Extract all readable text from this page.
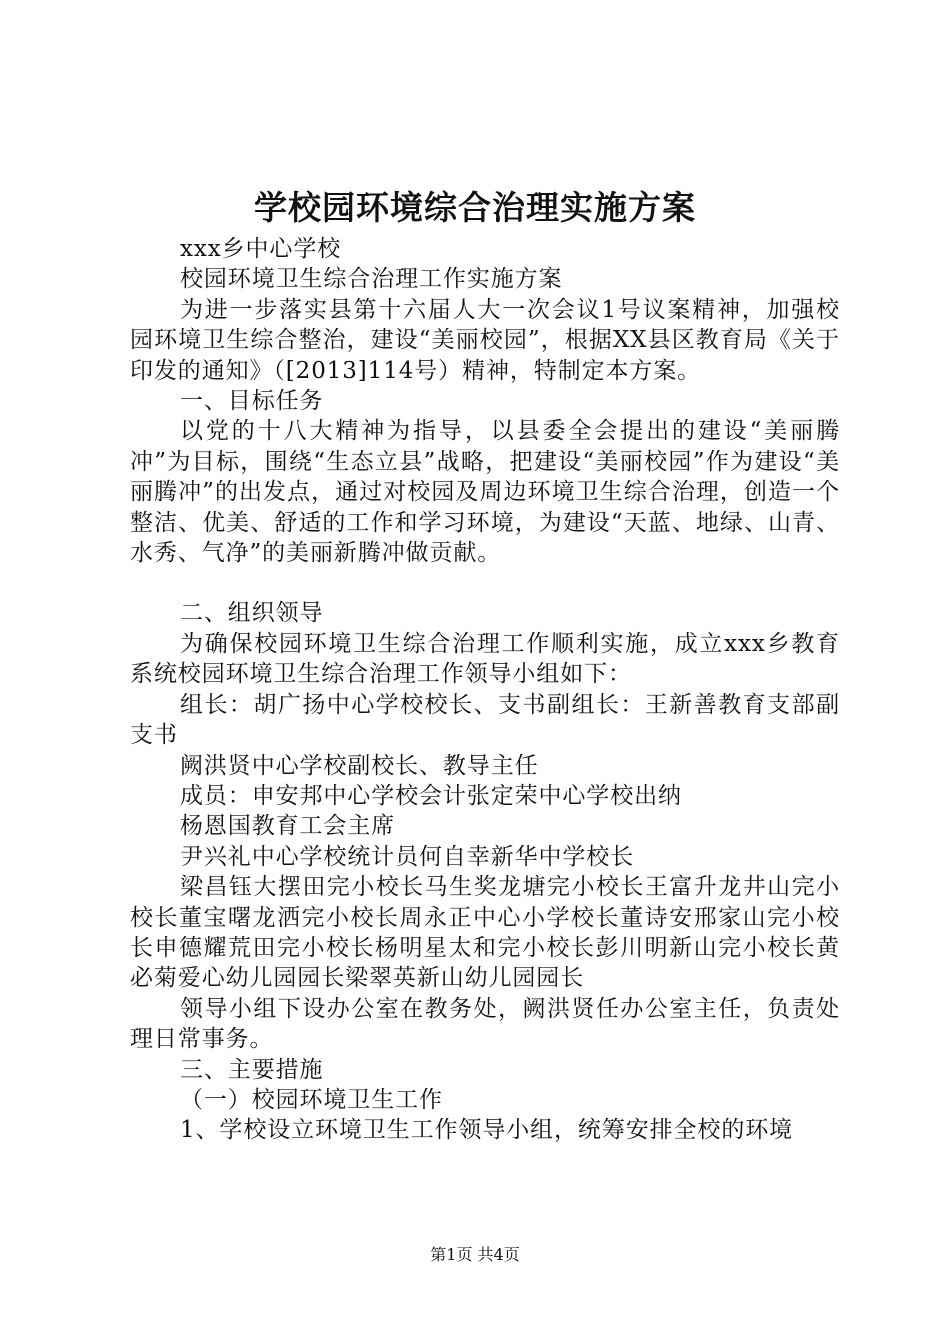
学校园环境综合治理实施方案

xxx乡中心学校

校园环境卫生综合治理工作实施方案

为进一步落实县第十六届人大一次会议1号议案精神，加强校园环境卫生综合整治，建设“美丽校园”，根据XX县区教育局《关于印发的通知》（[2013]114号）精神，特制定本方案。

一、目标任务

以党的十八大精神为指导，以县委全会提出的建设“美丽腾冲”为目标，围绕“生态立县”战略，把建设“美丽校园”作为建设“美丽腾冲”的出发点，通过对校园及周边环境卫生综合治理，创造一个整洁、优美、舒适的工作和学习环境，为建设“天蓝、地绿、山青、水秀、气净”的美丽新腾冲做贡献。

二、组织领导

为确保校园环境卫生综合治理工作顺利实施，成立xxx乡教育系统校园环境卫生综合治理工作领导小组如下：

组长：胡广扬中心学校校长、支书副组长：王新善教育支部副支书

阙洪贤中心学校副校长、教导主任

成员：申安邦中心学校会计张定荣中心学校出纳

杨恩国教育工会主席

尹兴礼中心学校统计员何自幸新华中学校长

梁昌钰大摆田完小校长马生奖龙塘完小校长王富升龙井山完小校长董宝曙龙洒完小校长周永正中心小学校长董诗安邢家山完小校长申德耀荒田完小校长杨明星太和完小校长彭川明新山完小校长黄必菊爱心幼儿园园长梁翠英新山幼儿园园长

领导小组下设办公室在教务处，阙洪贤任办公室主任，负责处理日常事务。

三、主要措施

（一）校园环境卫生工作

1、学校设立环境卫生工作领导小组，统筹安排全校的环境

第1页 共4页
